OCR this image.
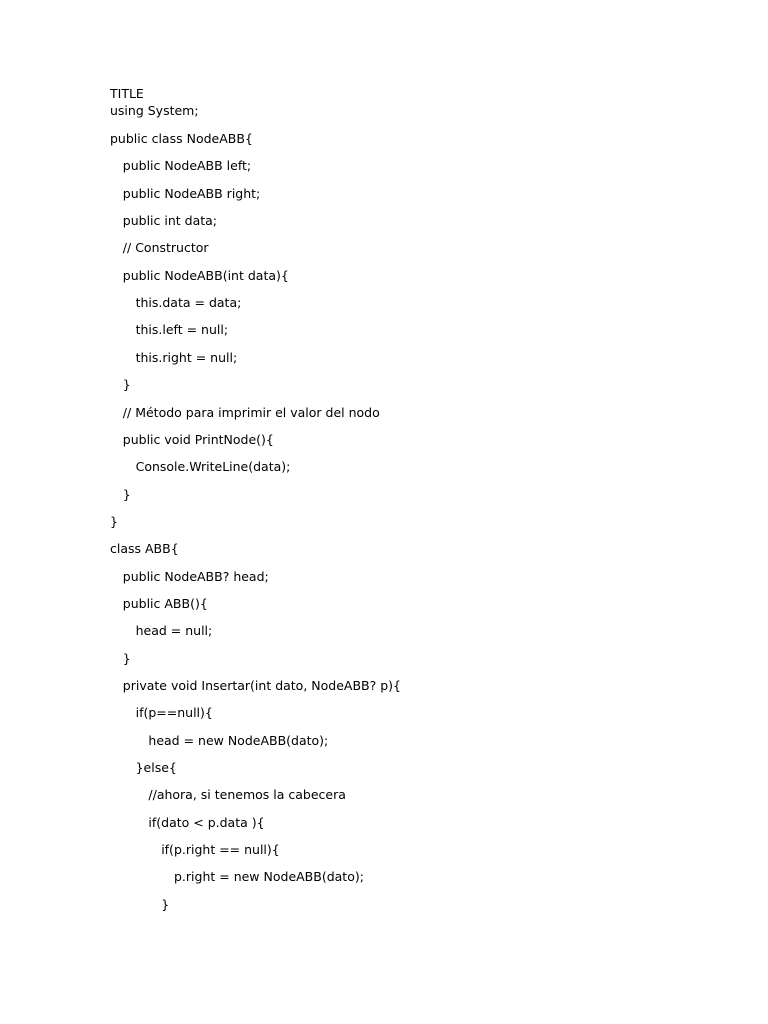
TITLE
using System;
public class NodeABB{
public NodeABB left;
public NodeABB right;
public int data;
// Constructor
public NodeABB(int data){
this.data = data;
this.left = null;
this.right = null;
}
// Método para imprimir el valor del nodo
public void PrintNode(){
Console.WriteLine(data);
}
}
class ABB{
public NodeABB? head;
public ABB(){
head = null;
}
private void Insertar(int dato, NodeABB? p){
if(p==null){
head = new NodeABB(dato);
}else{
//ahora, si tenemos la cabecera
if(dato < p.data ){
if(p.right == null){
p.right = new NodeABB(dato);
}
